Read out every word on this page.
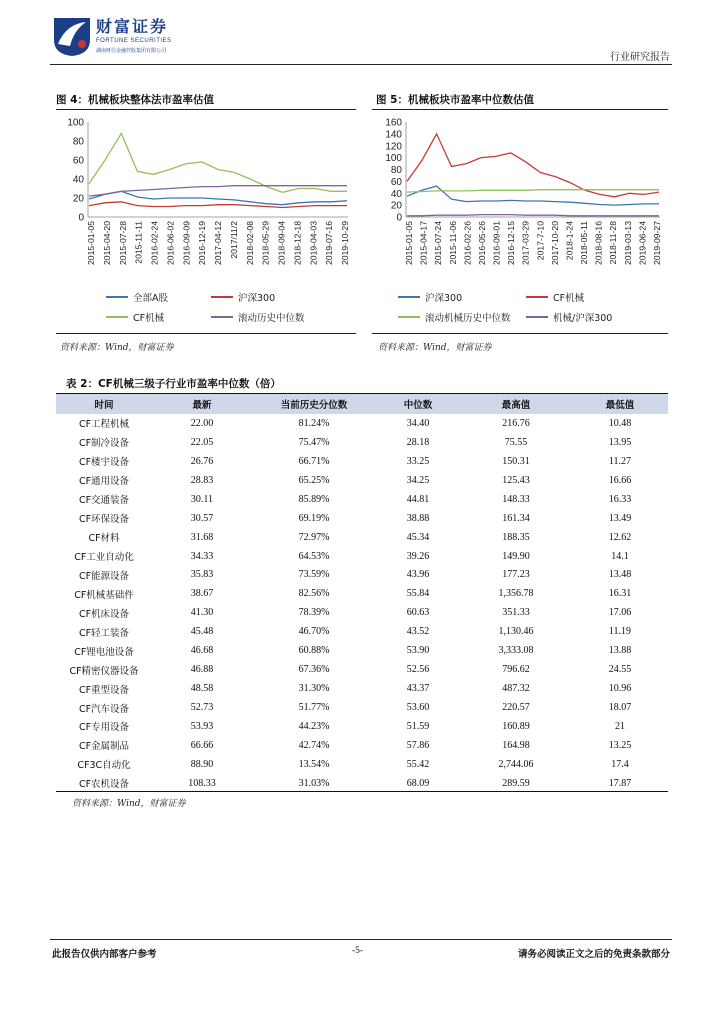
财富证券
FORTUNE SECURITIES
湖南财信金融控股集团有限公司
行业研究报告
图 4：机械板块整体法市盈率估值
0
20
40
60
80
100
2015-01-05 2015-04-20 2015-07-28 2015-11-11 2016-02-24 2016-06-02 2016-09-09 2016-12-19 2017-04-12 2017/11/2 2018-02-08 2018-05-29 2018-09-04 2018-12-18 2019-04-03 2019-07-16 2019-10-29
全部A股	沪深300
CF机械	滚动历史中位数
资料来源：Wind，财富证券
图 5：机械板块市盈率中位数估值
0
20
40
60
80
100
120
140
160
2015-01-05 2015-04-17 2015-07-24 2015-11-06 2016-02-26 2016-05-26 2016-09-01 2016-12-15 2017-03-29 2017-7-10 2017-10-20 2018-1-24 2018-05-11 2018-08-16 2018-11-28 2019-03-13 2019-06-24 2019-09-27
沪深300	CF机械
滚动机械历史中位数	机械/沪深300
资料来源：Wind，财富证券
表 2：CF机械三级子行业市盈率中位数（倍）
时间	最新	当前历史分位数	中位数	最高值	最低值
CF工程机械	22.00	81.24%	34.40	216.76	10.48
CF制冷设备	22.05	75.47%	28.18	75.55	13.95
CF楼宇设备	26.76	66.71%	33.25	150.31	11.27
CF通用设备	28.83	65.25%	34.25	125.43	16.66
CF交通装备	30.11	85.89%	44.81	148.33	16.33
CF环保设备	30.57	69.19%	38.88	161.34	13.49
CF材料	31.68	72.97%	45.34	188.35	12.62
CF工业自动化	34.33	64.53%	39.26	149.90	14.1
CF能源设备	35.83	73.59%	43.96	177.23	13.48
CF机械基础件	38.67	82.56%	55.84	1,356.78	16.31
CF机床设备	41.30	78.39%	60.63	351.33	17.06
CF轻工装备	45.48	46.70%	43.52	1,130.46	11.19
CF锂电池设备	46.68	60.88%	53.90	3,333.08	13.88
CF精密仪器设备	46.88	67.36%	52.56	796.62	24.55
CF重型设备	48.58	31.30%	43.37	487.32	10.96
CF汽车设备	52.73	51.77%	53.60	220.57	18.07
CF专用设备	53.93	44.23%	51.59	160.89	21
CF金属制品	66.66	42.74%	57.86	164.98	13.25
CF3C自动化	88.90	13.54%	55.42	2,744.06	17.4
CF农机设备	108.33	31.03%	68.09	289.59	17.87
资料来源：Wind，财富证券
此报告仅供内部客户参考	-5-	请务必阅读正文之后的免责条款部分
